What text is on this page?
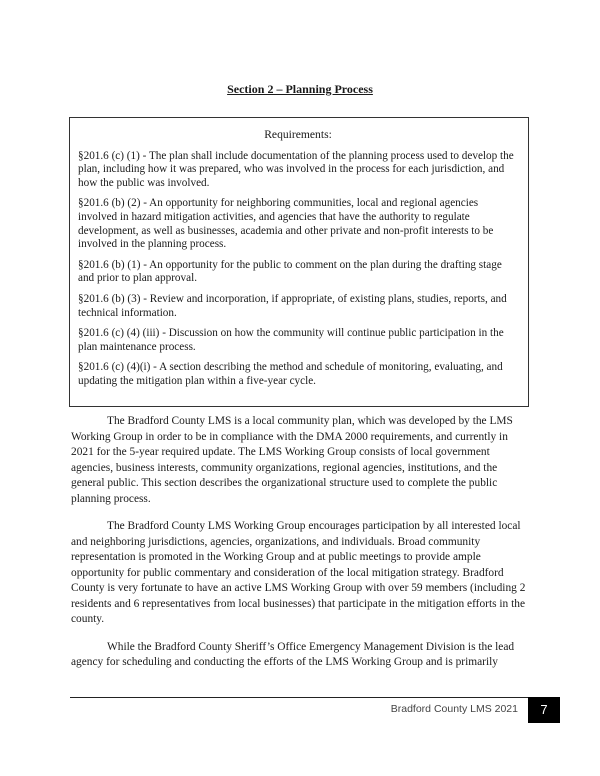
Section 2 – Planning Process
Requirements:
§201.6 (c) (1) - The plan shall include documentation of the planning process used to develop the plan, including how it was prepared, who was involved in the process for each jurisdiction, and how the public was involved.
§201.6 (b) (2) - An opportunity for neighboring communities, local and regional agencies involved in hazard mitigation activities, and agencies that have the authority to regulate development, as well as businesses, academia and other private and non-profit interests to be involved in the planning process.
§201.6 (b) (1) - An opportunity for the public to comment on the plan during the drafting stage and prior to plan approval.
§201.6 (b) (3) - Review and incorporation, if appropriate, of existing plans, studies, reports, and technical information.
§201.6 (c) (4) (iii) - Discussion on how the community will continue public participation in the plan maintenance process.
§201.6 (c) (4)(i) - A section describing the method and schedule of monitoring, evaluating, and updating the mitigation plan within a five-year cycle.

The Bradford County LMS is a local community plan, which was developed by the LMS Working Group in order to be in compliance with the DMA 2000 requirements, and currently in 2021 for the 5-year required update. The LMS Working Group consists of local government agencies, business interests, community organizations, regional agencies, institutions, and the general public. This section describes the organizational structure used to complete the public planning process.

The Bradford County LMS Working Group encourages participation by all interested local and neighboring jurisdictions, agencies, organizations, and individuals. Broad community representation is promoted in the Working Group and at public meetings to provide ample opportunity for public commentary and consideration of the local mitigation strategy. Bradford County is very fortunate to have an active LMS Working Group with over 59 members (including 2 residents and 6 representatives from local businesses) that participate in the mitigation efforts in the county.

While the Bradford County Sheriff’s Office Emergency Management Division is the lead agency for scheduling and conducting the efforts of the LMS Working Group and is primarily

Bradford County LMS 2021	7
